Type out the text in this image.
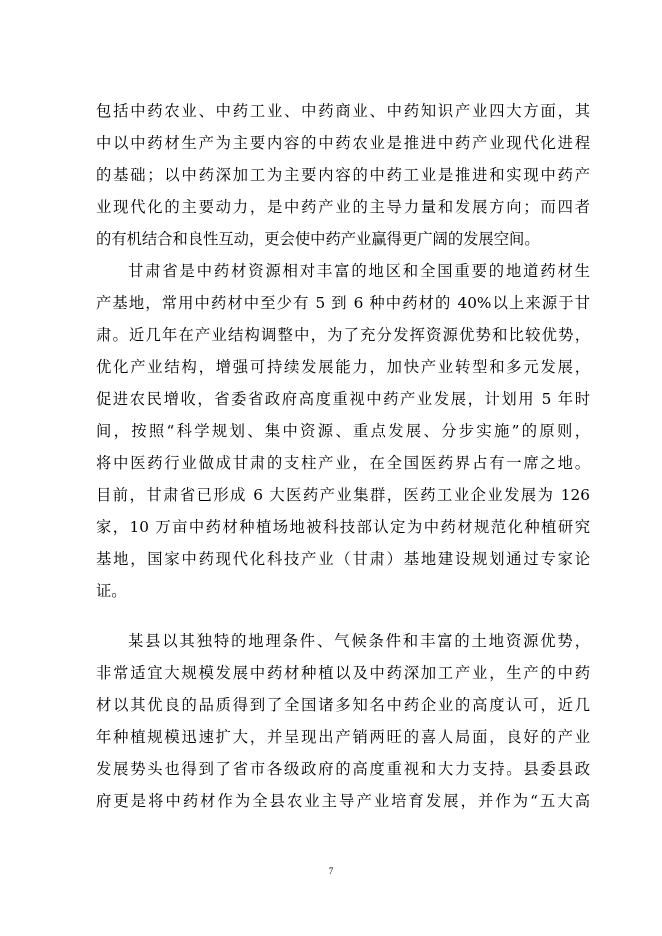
包括中药农业、中药工业、中药商业、中药知识产业四大方面，其
中以中药材生产为主要内容的中药农业是推进中药产业现代化进程
的基础；以中药深加工为主要内容的中药工业是推进和实现中药产
业现代化的主要动力，是中药产业的主导力量和发展方向；而四者
的有机结合和良性互动，更会使中药产业赢得更广阔的发展空间。
甘肃省是中药材资源相对丰富的地区和全国重要的地道药材生
产基地，常用中药材中至少有 5 到 6 种中药材的 40%以上来源于甘
肃。近几年在产业结构调整中，为了充分发挥资源优势和比较优势，
优化产业结构，增强可持续发展能力，加快产业转型和多元发展，
促进农民增收，省委省政府高度重视中药产业发展，计划用 5 年时
间，按照“科学规划、集中资源、重点发展、分步实施”的原则，
将中医药行业做成甘肃的支柱产业，在全国医药界占有一席之地。
目前，甘肃省已形成 6 大医药产业集群，医药工业企业发展为 126
家，10 万亩中药材种植场地被科技部认定为中药材规范化种植研究
基地，国家中药现代化科技产业（甘肃）基地建设规划通过专家论
证。
某县以其独特的地理条件、气候条件和丰富的土地资源优势，
非常适宜大规模发展中药材种植以及中药深加工产业，生产的中药
材以其优良的品质得到了全国诸多知名中药企业的高度认可，近几
年种植规模迅速扩大，并呈现出产销两旺的喜人局面，良好的产业
发展势头也得到了省市各级政府的高度重视和大力支持。县委县政
府更是将中药材作为全县农业主导产业培育发展，并作为“五大高
7
